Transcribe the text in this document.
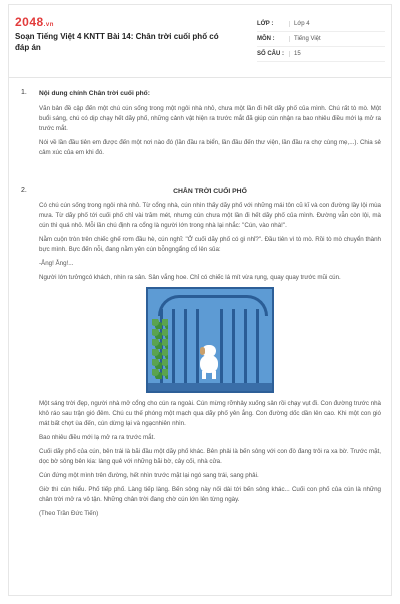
2048.vn
Soạn Tiếng Việt 4 KNTT Bài 14: Chân trời cuối phố có đáp án
LỚP :	Lớp 4
MÔN :	Tiếng Việt
SỐ CÂU :	15
1. Nội dung chính Chân trời cuối phố:

Văn bản đề cập đến một chú cún sống trong một ngôi nhà nhỏ, chưa một lần đi hết dãy phố của mình. Chú rất tò mò. Một buổi sáng, chú có dịp chạy hết dãy phố, những cảnh vật hiện ra trước mắt đã giúp cún nhận ra bao nhiêu điều mới lạ mở ra trước mắt.

Nói về lần đầu tiên em được đến một nơi nào đó (lần đầu ra biển, lần đầu đến thư viện, lần đầu ra chợ cùng mẹ,...). Chia sẻ cảm xúc của em khi đó.

2.	CHÂN TRỜI CUỐI PHỐ

Có chú cún sống trong ngôi nhà nhỏ. Từ cổng nhà, cún nhìn thấy dãy phố với những mái tôn cũ kĩ và con đường lầy lội mùa mưa. Từ dãy phố tới cuối phố chỉ vài trăm mét, nhưng cún chưa một lần đi hết dãy phố của mình. Đường vẫn còn lội, mà cún thì quá nhỏ. Mỗi lần chú định ra cổng là người lớn trong nhà lại nhắc: "Cún, vào nhà!".

Nằm cuộn tròn trên chiếc ghế rơm đầu hè, cún nghĩ: "Ở cuối dãy phố có gì nhỉ?". Đầu tiên vì tò mò. Rồi tò mò chuyển thành bực mình. Bực đến nỗi, đang nằm yên cún bỗngngẩng cổ lên sủa:

-Ẳng! Ẳng!...

Người lớn tưởngcó khách, nhìn ra sân. Sân vắng hoe. Chỉ có chiếc lá mít vừa rụng, quay quay trước mũi cún.

Một sáng trời đẹp, người nhà mở cổng cho cún ra ngoài. Cún mừng rỡnhảy xuống sân rồi chạy vụt đi. Con đường trước nhà khô ráo sau trận gió đêm. Chú cu thế phóng một mạch qua dãy phố yên ắng. Con đường dốc dần lên cao. Khi một con gió mát bất chợt ùa đến, cún dừng lại và ngạcnhiên nhìn.

Bao nhiêu điều mới lạ mở ra ra trước mắt.

Cuối dãy phố của cún, bên trái là bãi đầu một dãy phố khác. Bên phải là bến sông với con đò đang trôi ra xa bờ. Trước mặt, dọc bờ sông bên kia: làng quê với những bãi bờ, cây cối, nhà cửa.

Cún đứng một mình trên đường, hết nhìn trước mặt lại ngó sang trái, sang phải.

Giờ thì cún hiểu. Phố tiếp phố. Làng tiếp làng. Bến sông này nối dài tới bến sông khác... Cuối con phố của cún là những chân trời mở ra vô tận. Những chân trời đang chờ cún lớn lên từng ngày.

(Theo Trần Đức Tiến)
